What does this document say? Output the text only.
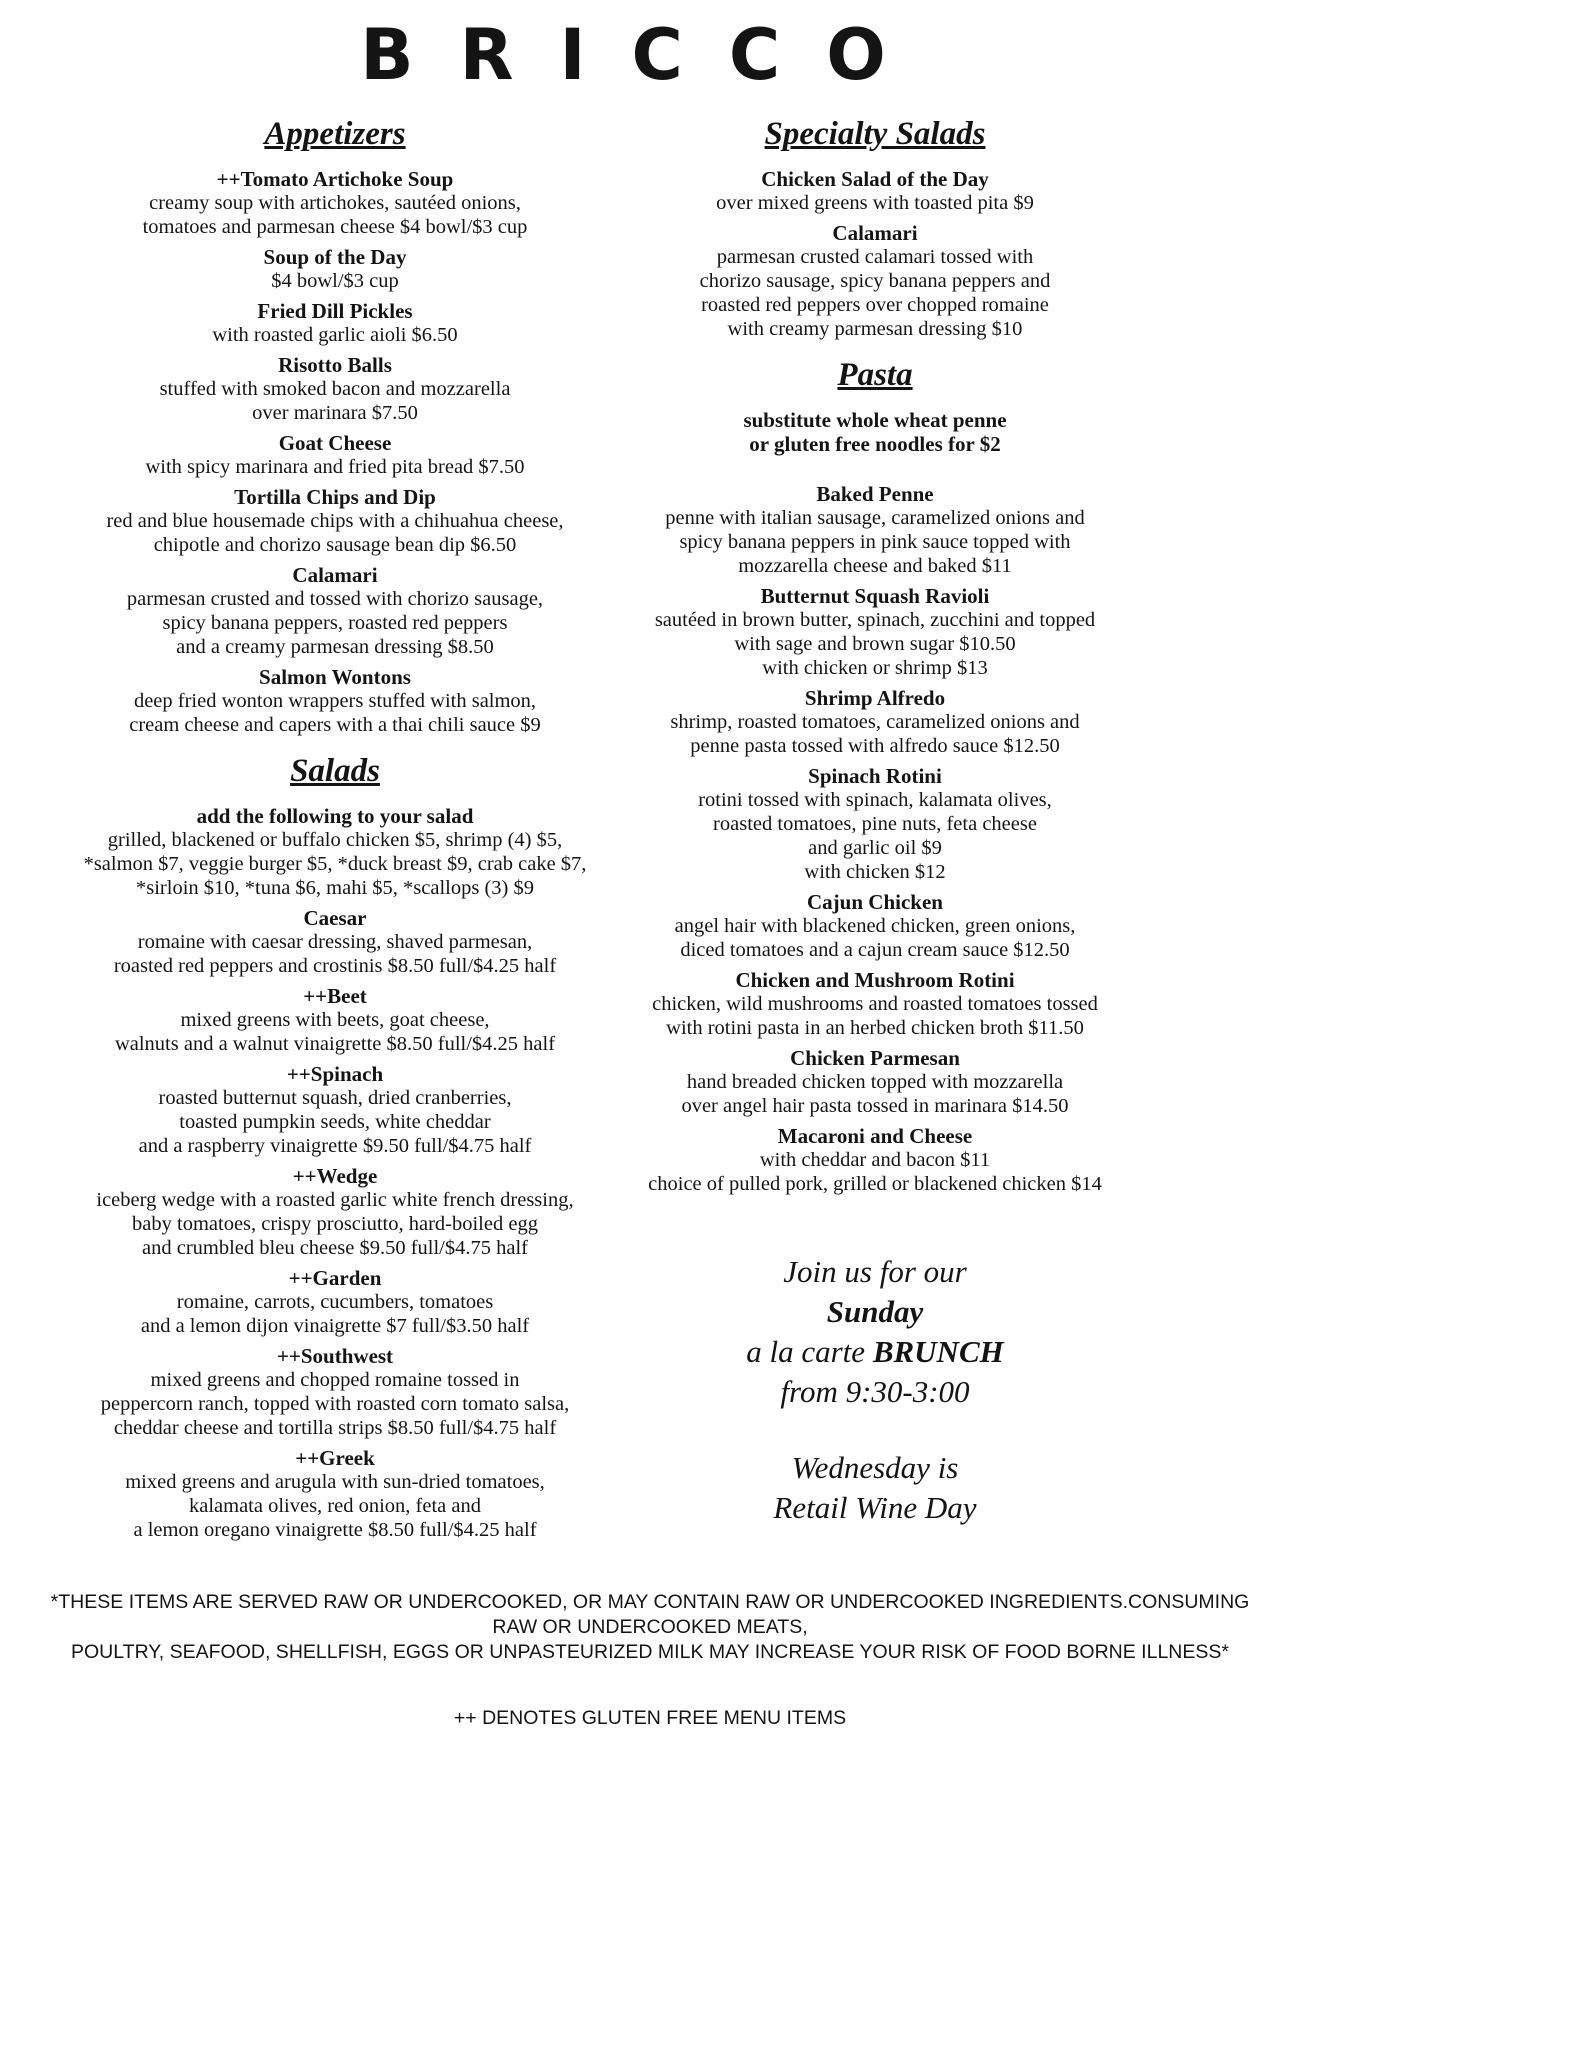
BRICCO
Appetizers
++Tomato Artichoke Soup
creamy soup with artichokes, sautéed onions,
tomatoes and parmesan cheese $4 bowl/$3 cup
Soup of the Day
$4 bowl/$3 cup
Fried Dill Pickles
with roasted garlic aioli $6.50
Risotto Balls
stuffed with smoked bacon and mozzarella
over marinara $7.50
Goat Cheese
with spicy marinara and fried pita bread $7.50
Tortilla Chips and Dip
red and blue housemade chips with a chihuahua cheese,
chipotle and chorizo sausage bean dip $6.50
Calamari
parmesan crusted and tossed with chorizo sausage,
spicy banana peppers, roasted red peppers
and a creamy parmesan dressing $8.50
Salmon Wontons
deep fried wonton wrappers stuffed with salmon,
cream cheese and capers with a thai chili sauce $9
Salads
add the following to your salad
grilled, blackened or buffalo chicken $5, shrimp (4) $5,
*salmon $7, veggie burger $5, *duck breast $9, crab cake $7,
*sirloin $10, *tuna $6, mahi $5, *scallops (3) $9
Caesar
romaine with caesar dressing, shaved parmesan,
roasted red peppers and crostinis $8.50 full/$4.25 half
++Beet
mixed greens with beets, goat cheese,
walnuts and a walnut vinaigrette $8.50 full/$4.25 half
++Spinach
roasted butternut squash, dried cranberries,
toasted pumpkin seeds, white cheddar
and a raspberry vinaigrette $9.50 full/$4.75 half
++Wedge
iceberg wedge with a roasted garlic white french dressing,
baby tomatoes, crispy prosciutto, hard-boiled egg
and crumbled bleu cheese $9.50 full/$4.75 half
++Garden
romaine, carrots, cucumbers, tomatoes
and a lemon dijon vinaigrette $7 full/$3.50 half
++Southwest
mixed greens and chopped romaine tossed in
peppercorn ranch, topped with roasted corn tomato salsa,
cheddar cheese and tortilla strips $8.50 full/$4.75 half
++Greek
mixed greens and arugula with sun-dried tomatoes,
kalamata olives, red onion, feta and
a lemon oregano vinaigrette $8.50 full/$4.25 half
Specialty Salads
Chicken Salad of the Day
over mixed greens with toasted pita $9
Calamari
parmesan crusted calamari tossed with
chorizo sausage, spicy banana peppers and
roasted red peppers over chopped romaine
with creamy parmesan dressing $10
Pasta
substitute whole wheat penne
or gluten free noodles for $2
Baked Penne
penne with italian sausage, caramelized onions and
spicy banana peppers in pink sauce topped with
mozzarella cheese and baked $11
Butternut Squash Ravioli
sautéed in brown butter, spinach, zucchini and topped
with sage and brown sugar $10.50
with chicken or shrimp $13
Shrimp Alfredo
shrimp, roasted tomatoes, caramelized onions and
penne pasta tossed with alfredo sauce $12.50
Spinach Rotini
rotini tossed with spinach, kalamata olives,
roasted tomatoes, pine nuts, feta cheese
and garlic oil $9
with chicken $12
Cajun Chicken
angel hair with blackened chicken, green onions,
diced tomatoes and a cajun cream sauce $12.50
Chicken and Mushroom Rotini
chicken, wild mushrooms and roasted tomatoes tossed
with rotini pasta in an herbed chicken broth $11.50
Chicken Parmesan
hand breaded chicken topped with mozzarella
over angel hair pasta tossed in marinara $14.50
Macaroni and Cheese
with cheddar and bacon $11
choice of pulled pork, grilled or blackened chicken $14
Join us for our
Sunday
a la carte BRUNCH
from 9:30-3:00
Wednesday is
Retail Wine Day
*THESE ITEMS ARE SERVED RAW OR UNDERCOOKED, OR MAY CONTAIN RAW OR UNDERCOOKED INGREDIENTS.CONSUMING
RAW OR UNDERCOOKED MEATS,
POULTRY, SEAFOOD, SHELLFISH, EGGS OR UNPASTEURIZED MILK MAY INCREASE YOUR RISK OF FOOD BORNE ILLNESS*
++ DENOTES GLUTEN FREE MENU ITEMS
